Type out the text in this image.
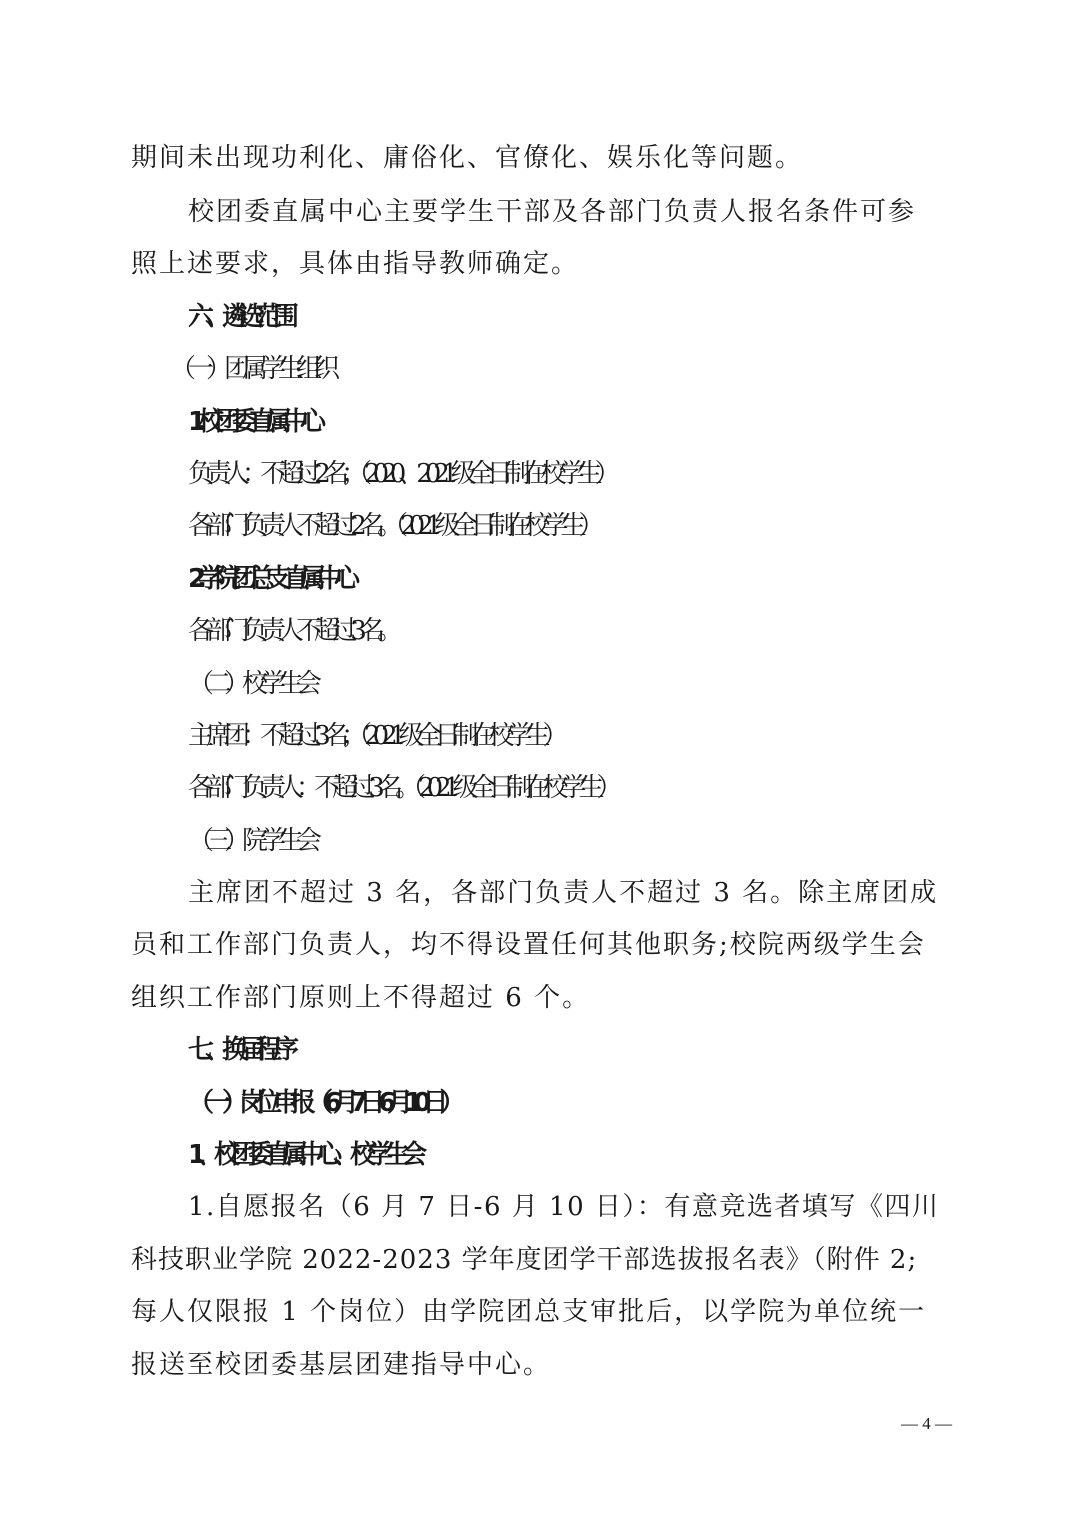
期间未出现功利化、庸俗化、官僚化、娱乐化等问题。

校团委直属中心主要学生干部及各部门负责人报名条件可参

照上述要求，具体由指导教师确定。

六、遴选范围

（一）团属学生组织

1.校团委直属中心

负责人：不超过 2 名；（2020、2021 级全日制在校学生）

各部门负责人不超过 2 名。（2021 级全日制在校学生）

2.学院团总支直属中心

各部门负责人不超过 3 名。

（二）校学生会

主席团：不超过 3 名；（2021 级全日制在校学生）

各部门负责人：不超过 3 名。（2021 级全日制在校学生）

（三）院学生会

主席团不超过 3 名，各部门负责人不超过 3 名。除主席团成

员和工作部门负责人，均不得设置任何其他职务;校院两级学生会

组织工作部门原则上不得超过 6 个。

七、换届程序

（一）岗位申报（6 月 7 日-6 月 10 日）

1、校团委直属中心、校学生会

1.自愿报名（6 月 7 日-6 月 10 日）：有意竞选者填写《四川

科技职业学院 2022-2023 学年度团学干部选拔报名表》（附件 2;

每人仅限报 1 个岗位）由学院团总支审批后，以学院为单位统一

报送至校团委基层团建指导中心。

— 4 —
